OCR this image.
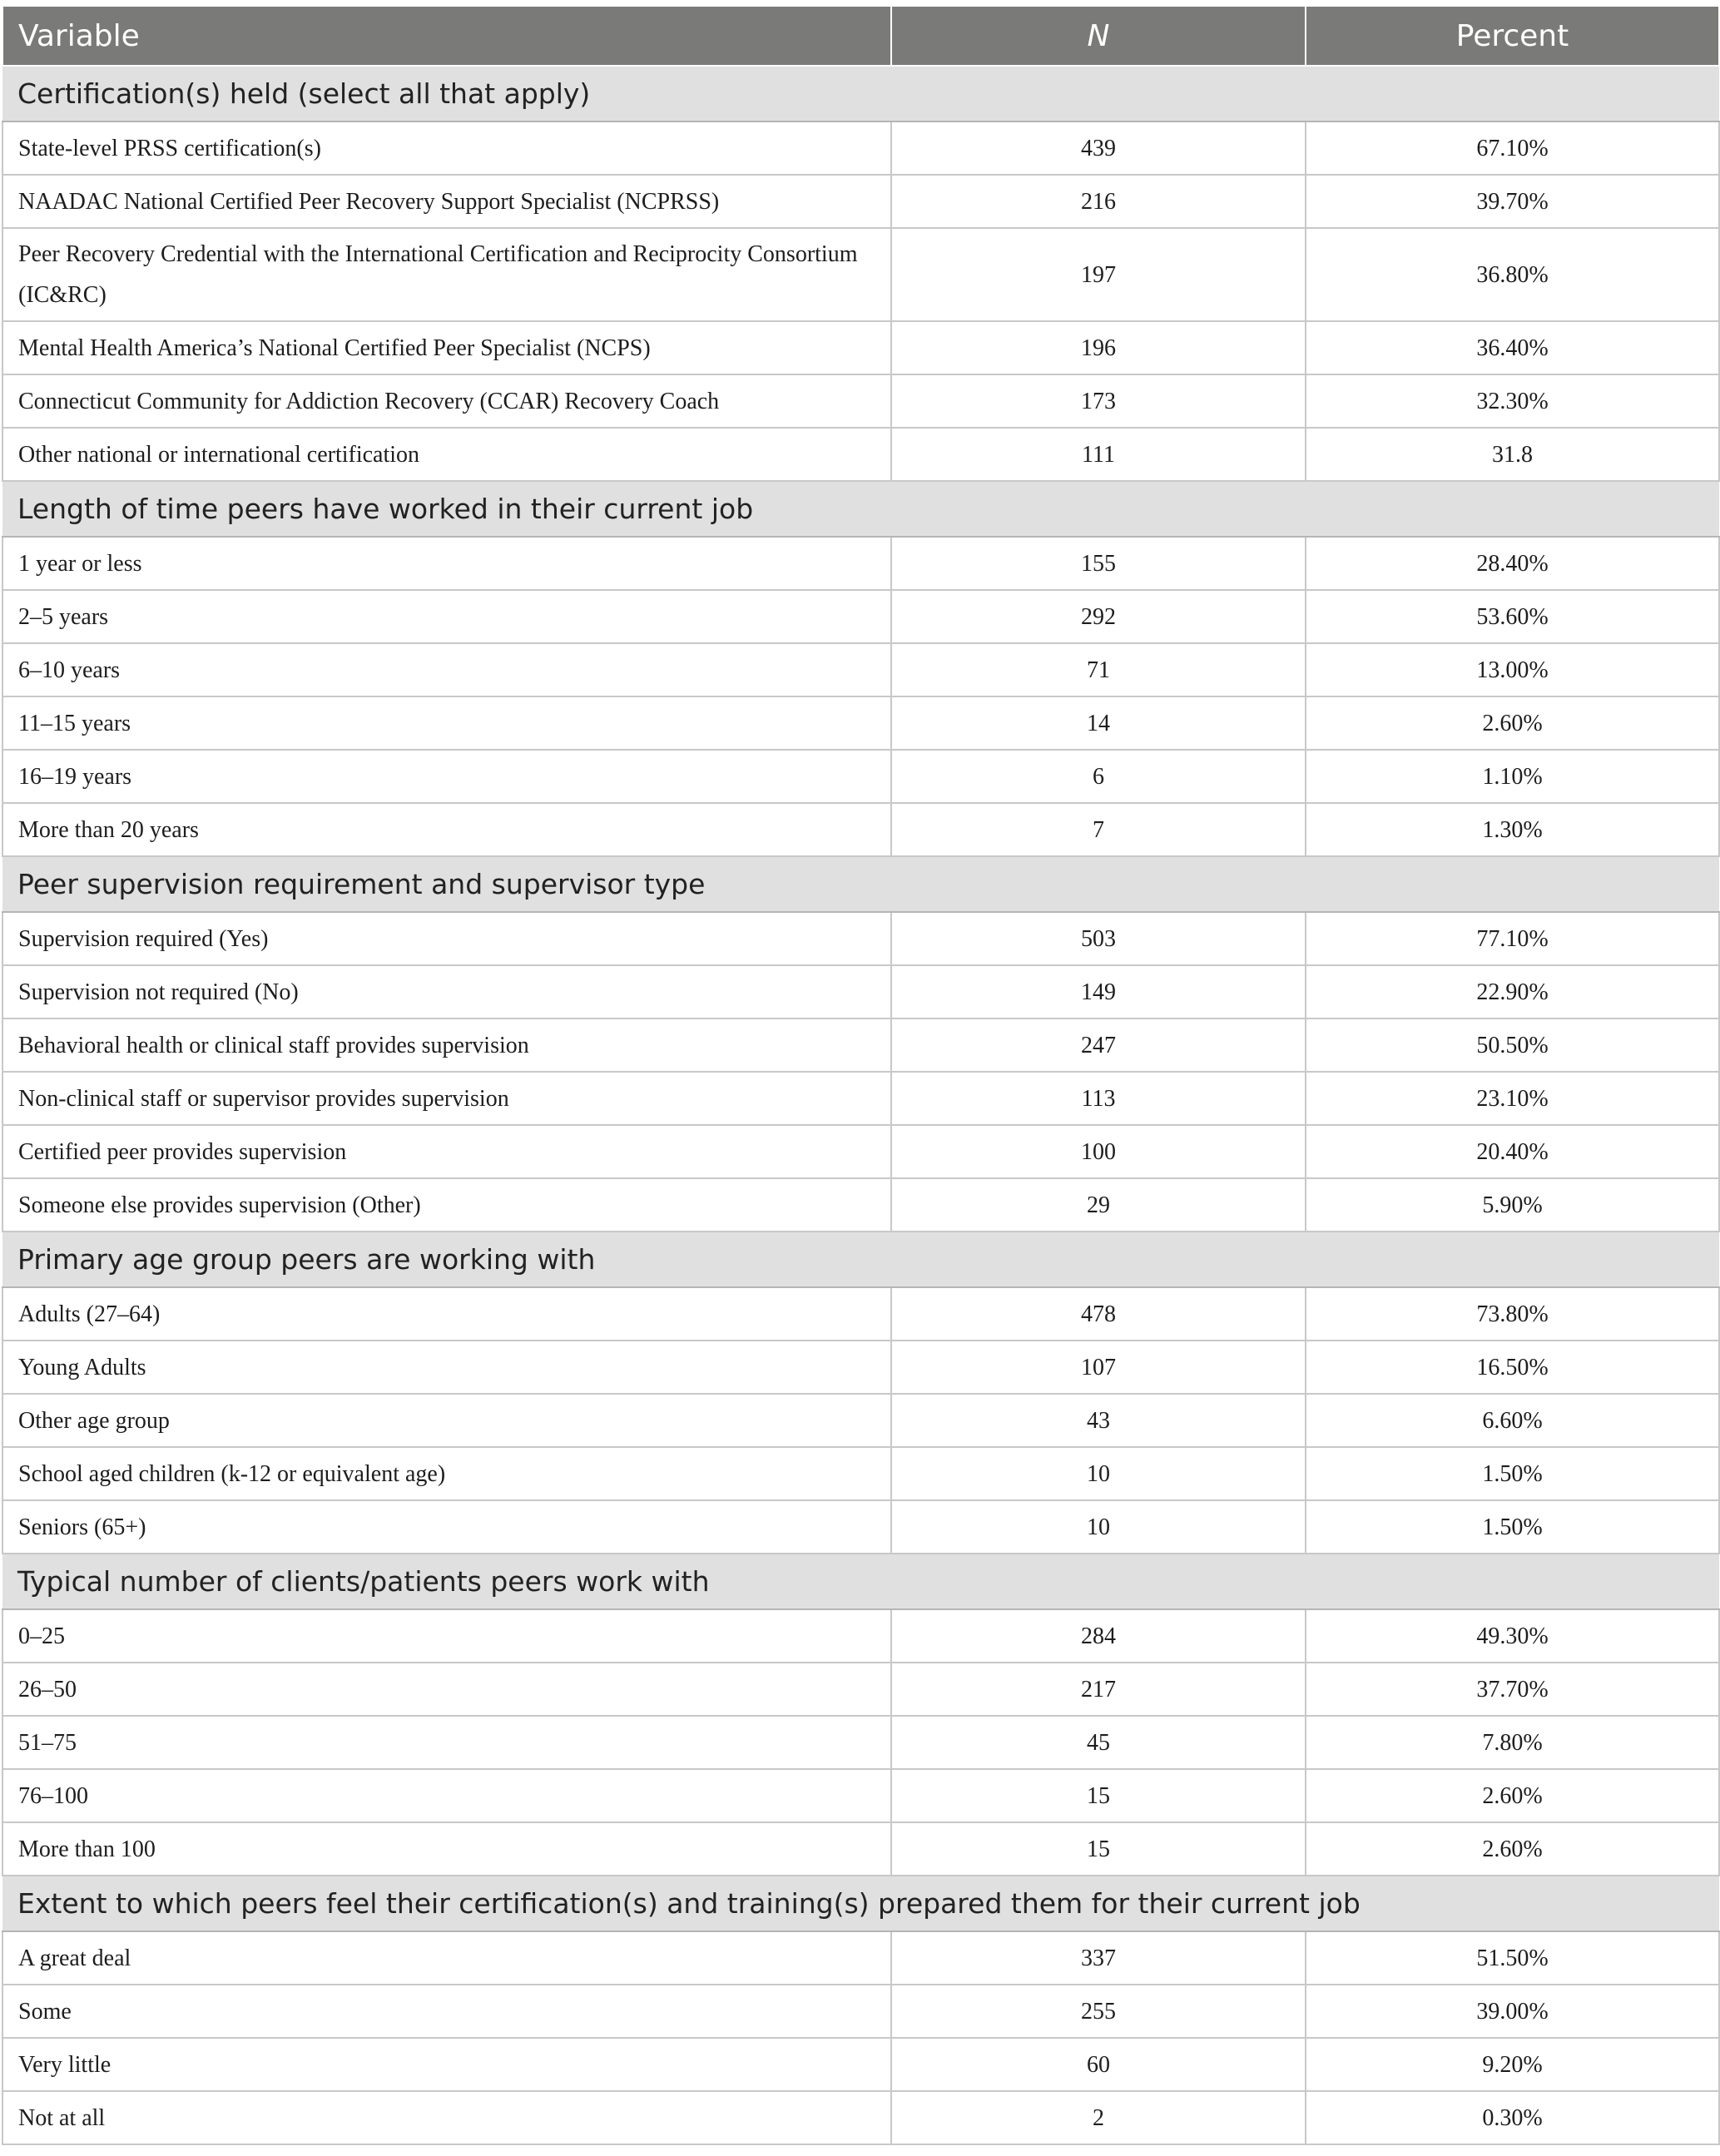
Variable	N	Percent
Certification(s) held (select all that apply)		
State-level PRSS certification(s)	439	67.10%
NAADAC National Certified Peer Recovery Support Specialist (NCPRSS)	216	39.70%
Peer Recovery Credential with the International Certification and Reciprocity Consortium (IC&RC)	197	36.80%
Mental Health America’s National Certified Peer Specialist (NCPS)	196	36.40%
Connecticut Community for Addiction Recovery (CCAR) Recovery Coach	173	32.30%
Other national or international certification	111	31.8
Length of time peers have worked in their current job		
1 year or less	155	28.40%
2–5 years	292	53.60%
6–10 years	71	13.00%
11–15 years	14	2.60%
16–19 years	6	1.10%
More than 20 years	7	1.30%
Peer supervision requirement and supervisor type		
Supervision required (Yes)	503	77.10%
Supervision not required (No)	149	22.90%
Behavioral health or clinical staff provides supervision	247	50.50%
Non-clinical staff or supervisor provides supervision	113	23.10%
Certified peer provides supervision	100	20.40%
Someone else provides supervision (Other)	29	5.90%
Primary age group peers are working with		
Adults (27–64)	478	73.80%
Young Adults	107	16.50%
Other age group	43	6.60%
School aged children (k-12 or equivalent age)	10	1.50%
Seniors (65+)	10	1.50%
Typical number of clients/patients peers work with		
0–25	284	49.30%
26–50	217	37.70%
51–75	45	7.80%
76–100	15	2.60%
More than 100	15	2.60%
Extent to which peers feel their certification(s) and training(s) prepared them for their current job		
A great deal	337	51.50%
Some	255	39.00%
Very little	60	9.20%
Not at all	2	0.30%
